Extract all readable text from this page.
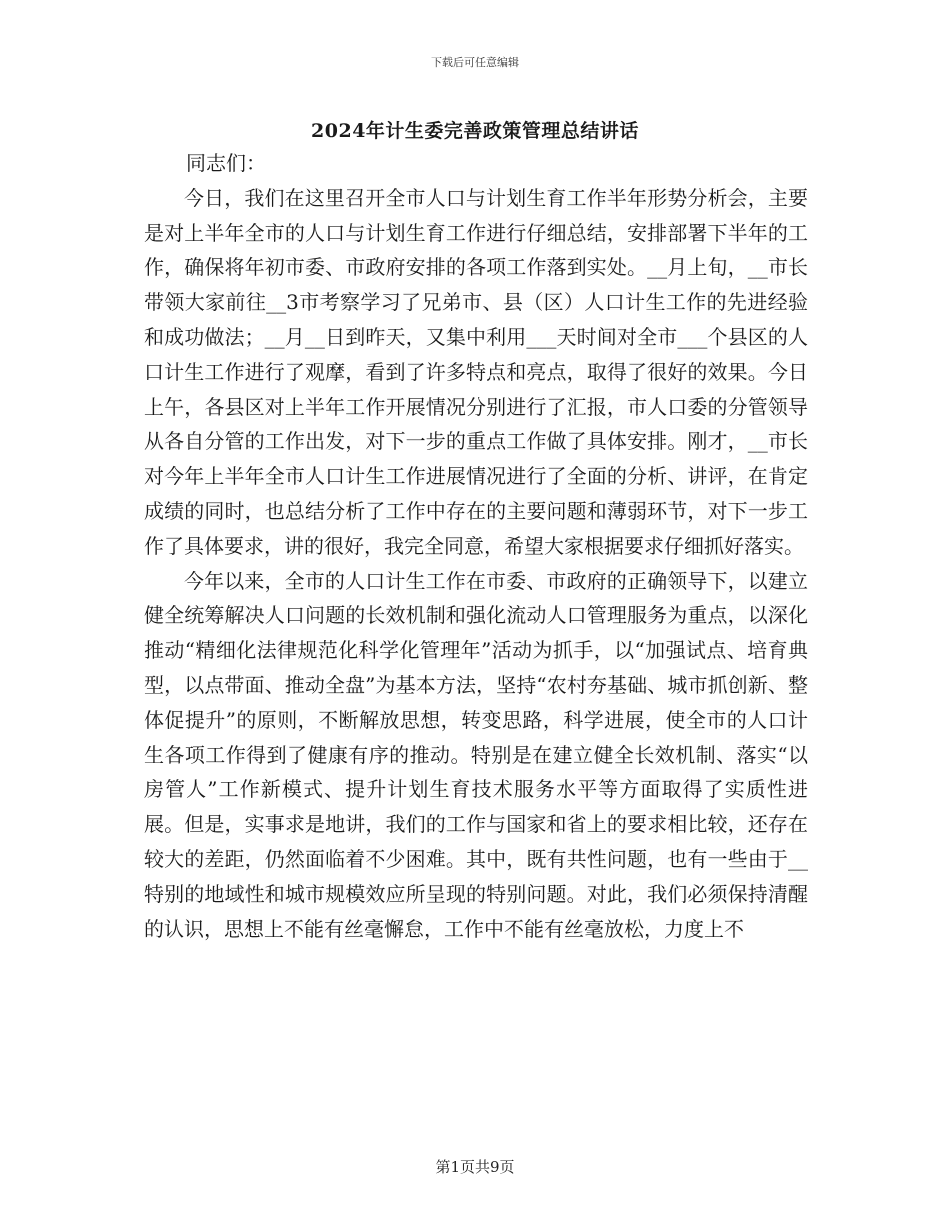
下载后可任意编辑
2024年计生委完善政策管理总结讲话
同志们：

今日，我们在这里召开全市人口与计划生育工作半年形势分析会，主要是对上半年全市的人口与计划生育工作进行仔细总结，安排部署下半年的工作，确保将年初市委、市政府安排的各项工作落到实处。__月上旬，__市长带领大家前往__3市考察学习了兄弟市、县（区）人口计生工作的先进经验和成功做法；__月__日到昨天，又集中利用___天时间对全市___个县区的人口计生工作进行了观摩，看到了许多特点和亮点，取得了很好的效果。今日上午，各县区对上半年工作开展情况分别进行了汇报，市人口委的分管领导从各自分管的工作出发，对下一步的重点工作做了具体安排。刚才，__市长对今年上半年全市人口计生工作进展情况进行了全面的分析、讲评，在肯定成绩的同时，也总结分析了工作中存在的主要问题和薄弱环节，对下一步工作了具体要求，讲的很好，我完全同意，希望大家根据要求仔细抓好落实。

今年以来，全市的人口计生工作在市委、市政府的正确领导下，以建立健全统筹解决人口问题的长效机制和强化流动人口管理服务为重点，以深化推动“精细化法律规范化科学化管理年”活动为抓手，以“加强试点、培育典型，以点带面、推动全盘”为基本方法，坚持“农村夯基础、城市抓创新、整体促提升”的原则，不断解放思想，转变思路，科学进展，使全市的人口计生各项工作得到了健康有序的推动。特别是在建立健全长效机制、落实“以房管人”工作新模式、提升计划生育技术服务水平等方面取得了实质性进展。但是，实事求是地讲，我们的工作与国家和省上的要求相比较，还存在较大的差距，仍然面临着不少困难。其中，既有共性问题，也有一些由于__特别的地域性和城市规模效应所呈现的特别问题。对此，我们必须保持清醒的认识，思想上不能有丝毫懈怠，工作中不能有丝毫放松，力度上不

第1页共9页
